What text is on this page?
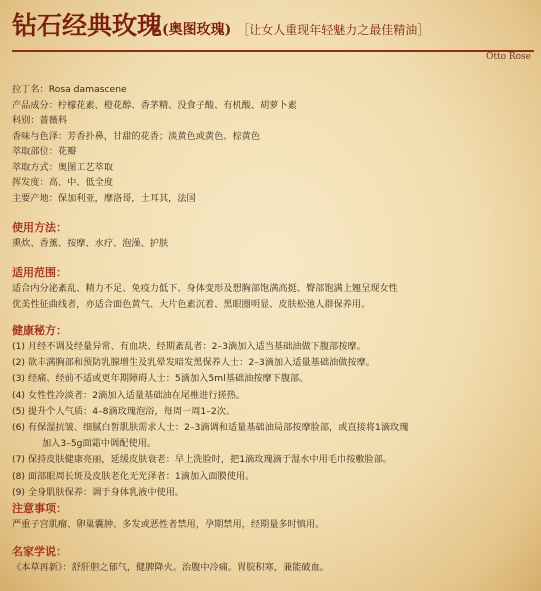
钻石经典玫瑰(奥图玫瑰) ［让女人重现年轻魅力之最佳精油］
Otto Rose
拉丁名：Rosa damascene
产品成分：柠檬花素、橙花醇、香茅精、没食子酸、有机酸、胡萝卜素
科别：蔷薇科
香味与色泽：芳香扑鼻，甘甜的花香；淡黄色或黄色、棕黄色
萃取部位：花瓣
萃取方式：奥图工艺萃取
挥发度：高、中、低全度
主要产地：保加利亚，摩洛哥，土耳其，法国
使用方法：
熏炊、香薰、按摩、水疗、泡澡、护肤
适用范围：
适合内分泌紊乱、精力不足、免疫力低下、身体变形及想胸部饱满高挺、臀部饱满上翘呈现女性
优美性征曲线者，亦适合面色黄气、大片色素沉着、黑眼圈明显、皮肤松弛人群保养用。
健康秘方：
(1) 月经不调及经量异常、有血块、经期紊乱者：2–3滴加入适当基础油做下腹部按摩。
(2) 欲丰满胸部和预防乳腺增生及乳晕发暗发黑保养人士：2–3滴加入适量基础油做按摩。
(3) 经痛、经前不适或更年期障碍人士：5滴加入5ml基础油按摩下腹部。
(4) 女性性冷淡者：2滴加入适量基础油在尾椎进行搓热。
(5) 提升个人气质：4–8滴玫瑰泡浴，每周一周1–2次。
(6) 有保湿抗皱、细腻白皙肌肤需求人士：2–3滴调和适量基础油局部按摩脸部，或直接将1滴玫瑰
加入3–5g面霜中调配使用。
(7) 保持皮肤健康亮丽，延缓皮肤衰老：早上洗脸时，把1滴玫瑰滴于湿水中用毛巾按敷脸部。
(8) 面部眼周长斑及皮肤老化无光泽者：1滴加入面膜使用。
(9) 全身肌肤保养：调于身体乳液中使用。
注意事项：
严重子宫肌瘤、卵巢囊肿、多发或恶性者禁用，孕期禁用，经期量多时慎用。
名家学说：
《本草再新》：舒肝胆之郁气，健脾降火。治腹中冷痛。胃脘积寒，兼能破血。
